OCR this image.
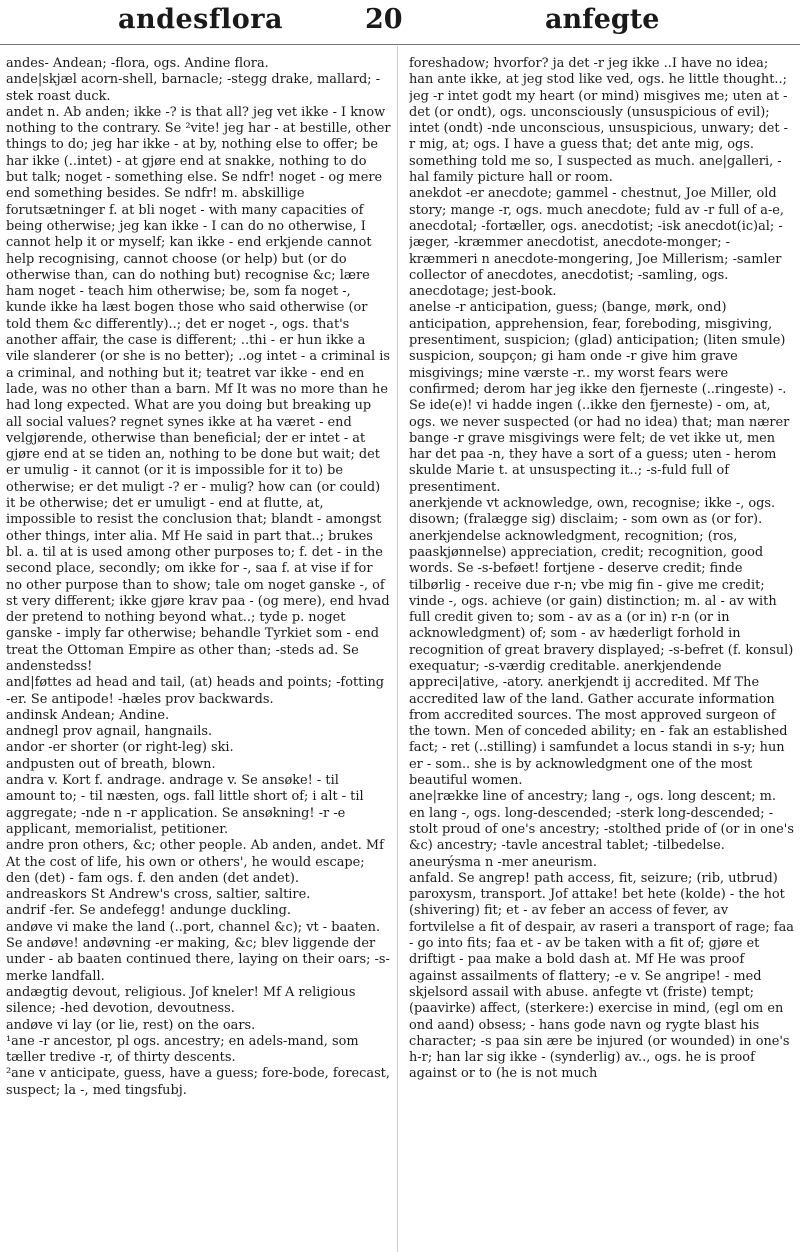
andesflora	20	anfegte

andes- Andean; -flora, ogs. Andine flora.

ande|skjæl acorn-shell, barnacle; -stegg drake, mallard; -stek roast duck.

andet n. Ab anden; ikke -? is that all? jeg vet ikke - I know nothing to the contrary. Se ²vite! jeg har - at bestille, other things to do; jeg har ikke - at by, nothing else to offer; be har ikke (..intet) - at gjøre end at snakke, nothing to do but talk; noget - something else. Se ndfr! noget - og mere end something besides. Se ndfr! m. abskillige forutsætninger f. at bli noget - with many capacities of being otherwise; jeg kan ikke - I can do no otherwise, I cannot help it or myself; kan ikke - end erkjende cannot help recognising, cannot choose (or help) but (or do otherwise than, can do nothing but) recognise &c; lære ham noget - teach him otherwise; be, som fa noget -, kunde ikke ha læst bogen those who said otherwise (or told them &c differently)..; det er noget -, ogs. that's another affair, the case is different; ..thi - er hun ikke a vile slanderer (or she is no better); ..og intet - a criminal is a criminal, and nothing but it; teatret var ikke - end en lade, was no other than a barn. Mf It was no more than he had long expected. What are you doing but breaking up all social values? regnet synes ikke at ha været - end velgjørende, otherwise than beneficial; der er intet - at gjøre end at se tiden an, nothing to be done but wait; det er umulig - it cannot (or it is impossible for it to) be otherwise; er det muligt -? er - mulig? how can (or could) it be otherwise; det er umuligt - end at flutte, at, impossible to resist the conclusion that; blandt - amongst other things, inter alia. Mf He said in part that..; brukes bl. a. til at is used among other purposes to; f. det - in the second place, secondly; om ikke for -, saa f. at vise if for no other purpose than to show; tale om noget ganske -, of st very different; ikke gjøre krav paa - (og mere), end hvad der pretend to nothing beyond what..; tyde p. noget ganske - imply far otherwise; behandle Tyrkiet som - end treat the Ottoman Empire as other than; -steds ad. Se andenstedss!

and|føttes ad head and tail, (at) heads and points; -fotting -er. Se antipode! -hæles prov backwards.

andinsk Andean; Andine.

andnegl prov agnail, hangnails.

andor -er shorter (or right-leg) ski.

andpusten out of breath, blown.

andra v. Kort f. andrage. andrage v. Se ansøke! - til amount to; - til næsten, ogs. fall little short of; i alt - til aggregate; -nde n -r application. Se ansøkning! -r -e applicant, memorialist, petitioner.

andre pron others, &c; other people. Ab anden, andet. Mf At the cost of life, his own or others', he would escape; den (det) - fam ogs. f. den anden (det andet).

andreaskors St Andrew's cross, saltier, saltire.

andrif -fer. Se andefegg! andunge duckling.

andøve vi make the land (..port, channel &c); vt - baaten. Se andøve! andøvning -er making, &c; blev liggende der under - ab baaten continued there, laying on their oars; -s-merke landfall.

andægtig devout, religious. Jof kneler! Mf A religious silence; -hed devotion, devoutness.

andøve vi lay (or lie, rest) on the oars.

¹ane -r ancestor, pl ogs. ancestry; en adels-mand, som tæller tredive -r, of thirty descents.

²ane v anticipate, guess, have a guess; fore-bode, forecast, suspect; la -, med tingsfubj.

foreshadow; hvorfor? ja det -r jeg ikke ..I have no idea; han ante ikke, at jeg stod like ved, ogs. he little thought..; jeg -r intet godt my heart (or mind) misgives me; uten at - det (or ondt), ogs. unconsciously (unsuspicious of evil); intet (ondt) -nde unconscious, unsuspicious, unwary; det -r mig, at; ogs. I have a guess that; det ante mig, ogs. something told me so, I suspected as much. ane|galleri, -hal family picture hall or room.

anekdot -er anecdote; gammel - chestnut, Joe Miller, old story; mange -r, ogs. much anecdote; fuld av -r full of a-e, anecdotal; -fortæller, ogs. anecdotist; -isk anecdot(ic)al; -jæger, -kræmmer anecdotist, anecdote-monger; -kræmmeri n anecdote-mongering, Joe Millerism; -samler collector of anecdotes, anecdotist; -samling, ogs. anecdotage; jest-book.

anelse -r anticipation, guess; (bange, mørk, ond) anticipation, apprehension, fear, foreboding, misgiving, presentiment, suspicion; (glad) anticipation; (liten smule) suspicion, soupçon; gi ham onde -r give him grave misgivings; mine værste -r.. my worst fears were confirmed; derom har jeg ikke den fjerneste (..ringeste) -. Se ide(e)! vi hadde ingen (..ikke den fjerneste) - om, at, ogs. we never suspected (or had no idea) that; man nærer bange -r grave misgivings were felt; de vet ikke ut, men har det paa -n, they have a sort of a guess; uten - herom skulde Marie t. at unsuspecting it..; -s-fuld full of presentiment.

anerkjende vt acknowledge, own, recognise; ikke -, ogs. disown; (fralægge sig) disclaim; - som own as (or for). anerkjendelse acknowledgment, recognition; (ros, paaskjønnelse) appreciation, credit; recognition, good words. Se -s-beføet! fortjene - deserve credit; finde tilbørlig - receive due r-n; vbe mig fin - give me credit; vinde -, ogs. achieve (or gain) distinction; m. al - av with full credit given to; som - av as a (or in) r-n (or in acknowledgment) of; som - av hæderligt forhold in recognition of great bravery displayed; -s-befret (f. konsul) exequatur; -s-værdig creditable. anerkjendende appreci|ative, -atory. anerkjendt ij accredited. Mf The accredited law of the land. Gather accurate information from accredited sources. The most approved surgeon of the town. Men of conceded ability; en - fak an established fact; - ret (..stilling) i samfundet a locus standi in s-y; hun er - som.. she is by acknowledgment one of the most beautiful women.

ane|række line of ancestry; lang -, ogs. long descent; m. en lang -, ogs. long-descended; -sterk long-descended; -stolt proud of one's ancestry; -stolthed pride of (or in one's &c) ancestry; -tavle ancestral tablet; -tilbedelse.

aneurýsma n -mer aneurism.

anfald. Se angrep! path access, fit, seizure; (rib, utbrud) paroxysm, transport. Jof attake! bet hete (kolde) - the hot (shivering) fit; et - av feber an access of fever, av fortvilelse a fit of despair, av raseri a transport of rage; faa - go into fits; faa et - av be taken with a fit of; gjøre et driftigt - paa make a bold dash at. Mf He was proof against assailments of flattery; -e v. Se angripe! - med skjelsord assail with abuse. anfegte vt (friste) tempt; (paavirke) affect, (sterkere:) exercise in mind, (egl om en ond aand) obsess; - hans gode navn og rygte blast his character; -s paa sin ære be injured (or wounded) in one's h-r; han lar sig ikke - (synderlig) av.., ogs. he is proof against or to (he is not much
